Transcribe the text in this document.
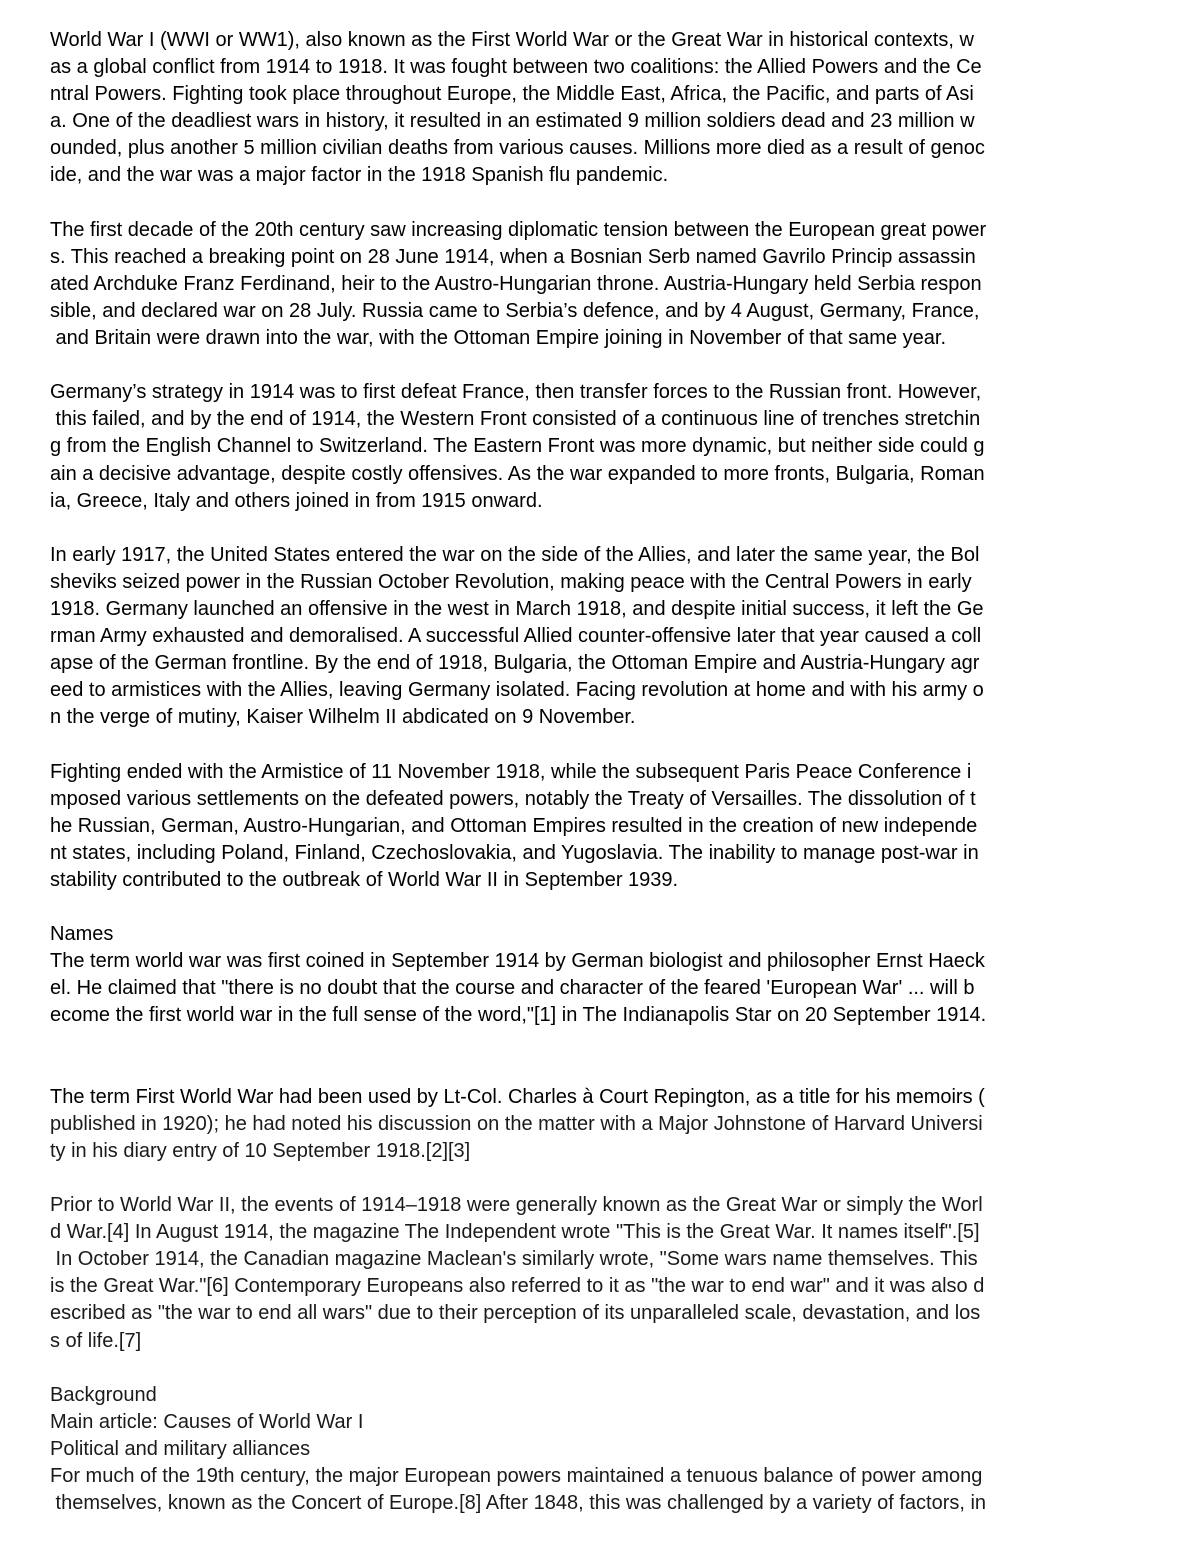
World War I (WWI or WW1), also known as the First World War or the Great War in historical contexts, w
as a global conflict from 1914 to 1918. It was fought between two coalitions: the Allied Powers and the Ce
ntral Powers. Fighting took place throughout Europe, the Middle East, Africa, the Pacific, and parts of Asi
a. One of the deadliest wars in history, it resulted in an estimated 9 million soldiers dead and 23 million w
ounded, plus another 5 million civilian deaths from various causes. Millions more died as a result of genoc
ide, and the war was a major factor in the 1918 Spanish flu pandemic.
The first decade of the 20th century saw increasing diplomatic tension between the European great power
s. This reached a breaking point on 28 June 1914, when a Bosnian Serb named Gavrilo Princip assassin
ated Archduke Franz Ferdinand, heir to the Austro-Hungarian throne. Austria-Hungary held Serbia respon
sible, and declared war on 28 July. Russia came to Serbia’s defence, and by 4 August, Germany, France,
and Britain were drawn into the war, with the Ottoman Empire joining in November of that same year.
Germany’s strategy in 1914 was to first defeat France, then transfer forces to the Russian front. However,
this failed, and by the end of 1914, the Western Front consisted of a continuous line of trenches stretchin
g from the English Channel to Switzerland. The Eastern Front was more dynamic, but neither side could g
ain a decisive advantage, despite costly offensives. As the war expanded to more fronts, Bulgaria, Roman
ia, Greece, Italy and others joined in from 1915 onward.
In early 1917, the United States entered the war on the side of the Allies, and later the same year, the Bol
sheviks seized power in the Russian October Revolution, making peace with the Central Powers in early
1918. Germany launched an offensive in the west in March 1918, and despite initial success, it left the Ge
rman Army exhausted and demoralised. A successful Allied counter-offensive later that year caused a coll
apse of the German frontline. By the end of 1918, Bulgaria, the Ottoman Empire and Austria-Hungary agr
eed to armistices with the Allies, leaving Germany isolated. Facing revolution at home and with his army o
n the verge of mutiny, Kaiser Wilhelm II abdicated on 9 November.
Fighting ended with the Armistice of 11 November 1918, while the subsequent Paris Peace Conference i
mposed various settlements on the defeated powers, notably the Treaty of Versailles. The dissolution of t
he Russian, German, Austro-Hungarian, and Ottoman Empires resulted in the creation of new independe
nt states, including Poland, Finland, Czechoslovakia, and Yugoslavia. The inability to manage post-war in
stability contributed to the outbreak of World War II in September 1939.
Names
The term world war was first coined in September 1914 by German biologist and philosopher Ernst Haeck
el. He claimed that "there is no doubt that the course and character of the feared 'European War' ... will b
ecome the first world war in the full sense of the word,"[1] in The Indianapolis Star on 20 September 1914.
The term First World War had been used by Lt-Col. Charles à Court Repington, as a title for his memoirs (
published in 1920); he had noted his discussion on the matter with a Major Johnstone of Harvard Universi
ty in his diary entry of 10 September 1918.[2][3]
Prior to World War II, the events of 1914–1918 were generally known as the Great War or simply the Worl
d War.[4] In August 1914, the magazine The Independent wrote "This is the Great War. It names itself".[5]
In October 1914, the Canadian magazine Maclean's similarly wrote, "Some wars name themselves. This
is the Great War."[6] Contemporary Europeans also referred to it as "the war to end war" and it was also d
escribed as "the war to end all wars" due to their perception of its unparalleled scale, devastation, and los
s of life.[7]
Background
Main article: Causes of World War I
Political and military alliances
For much of the 19th century, the major European powers maintained a tenuous balance of power among
themselves, known as the Concert of Europe.[8] After 1848, this was challenged by a variety of factors, in
